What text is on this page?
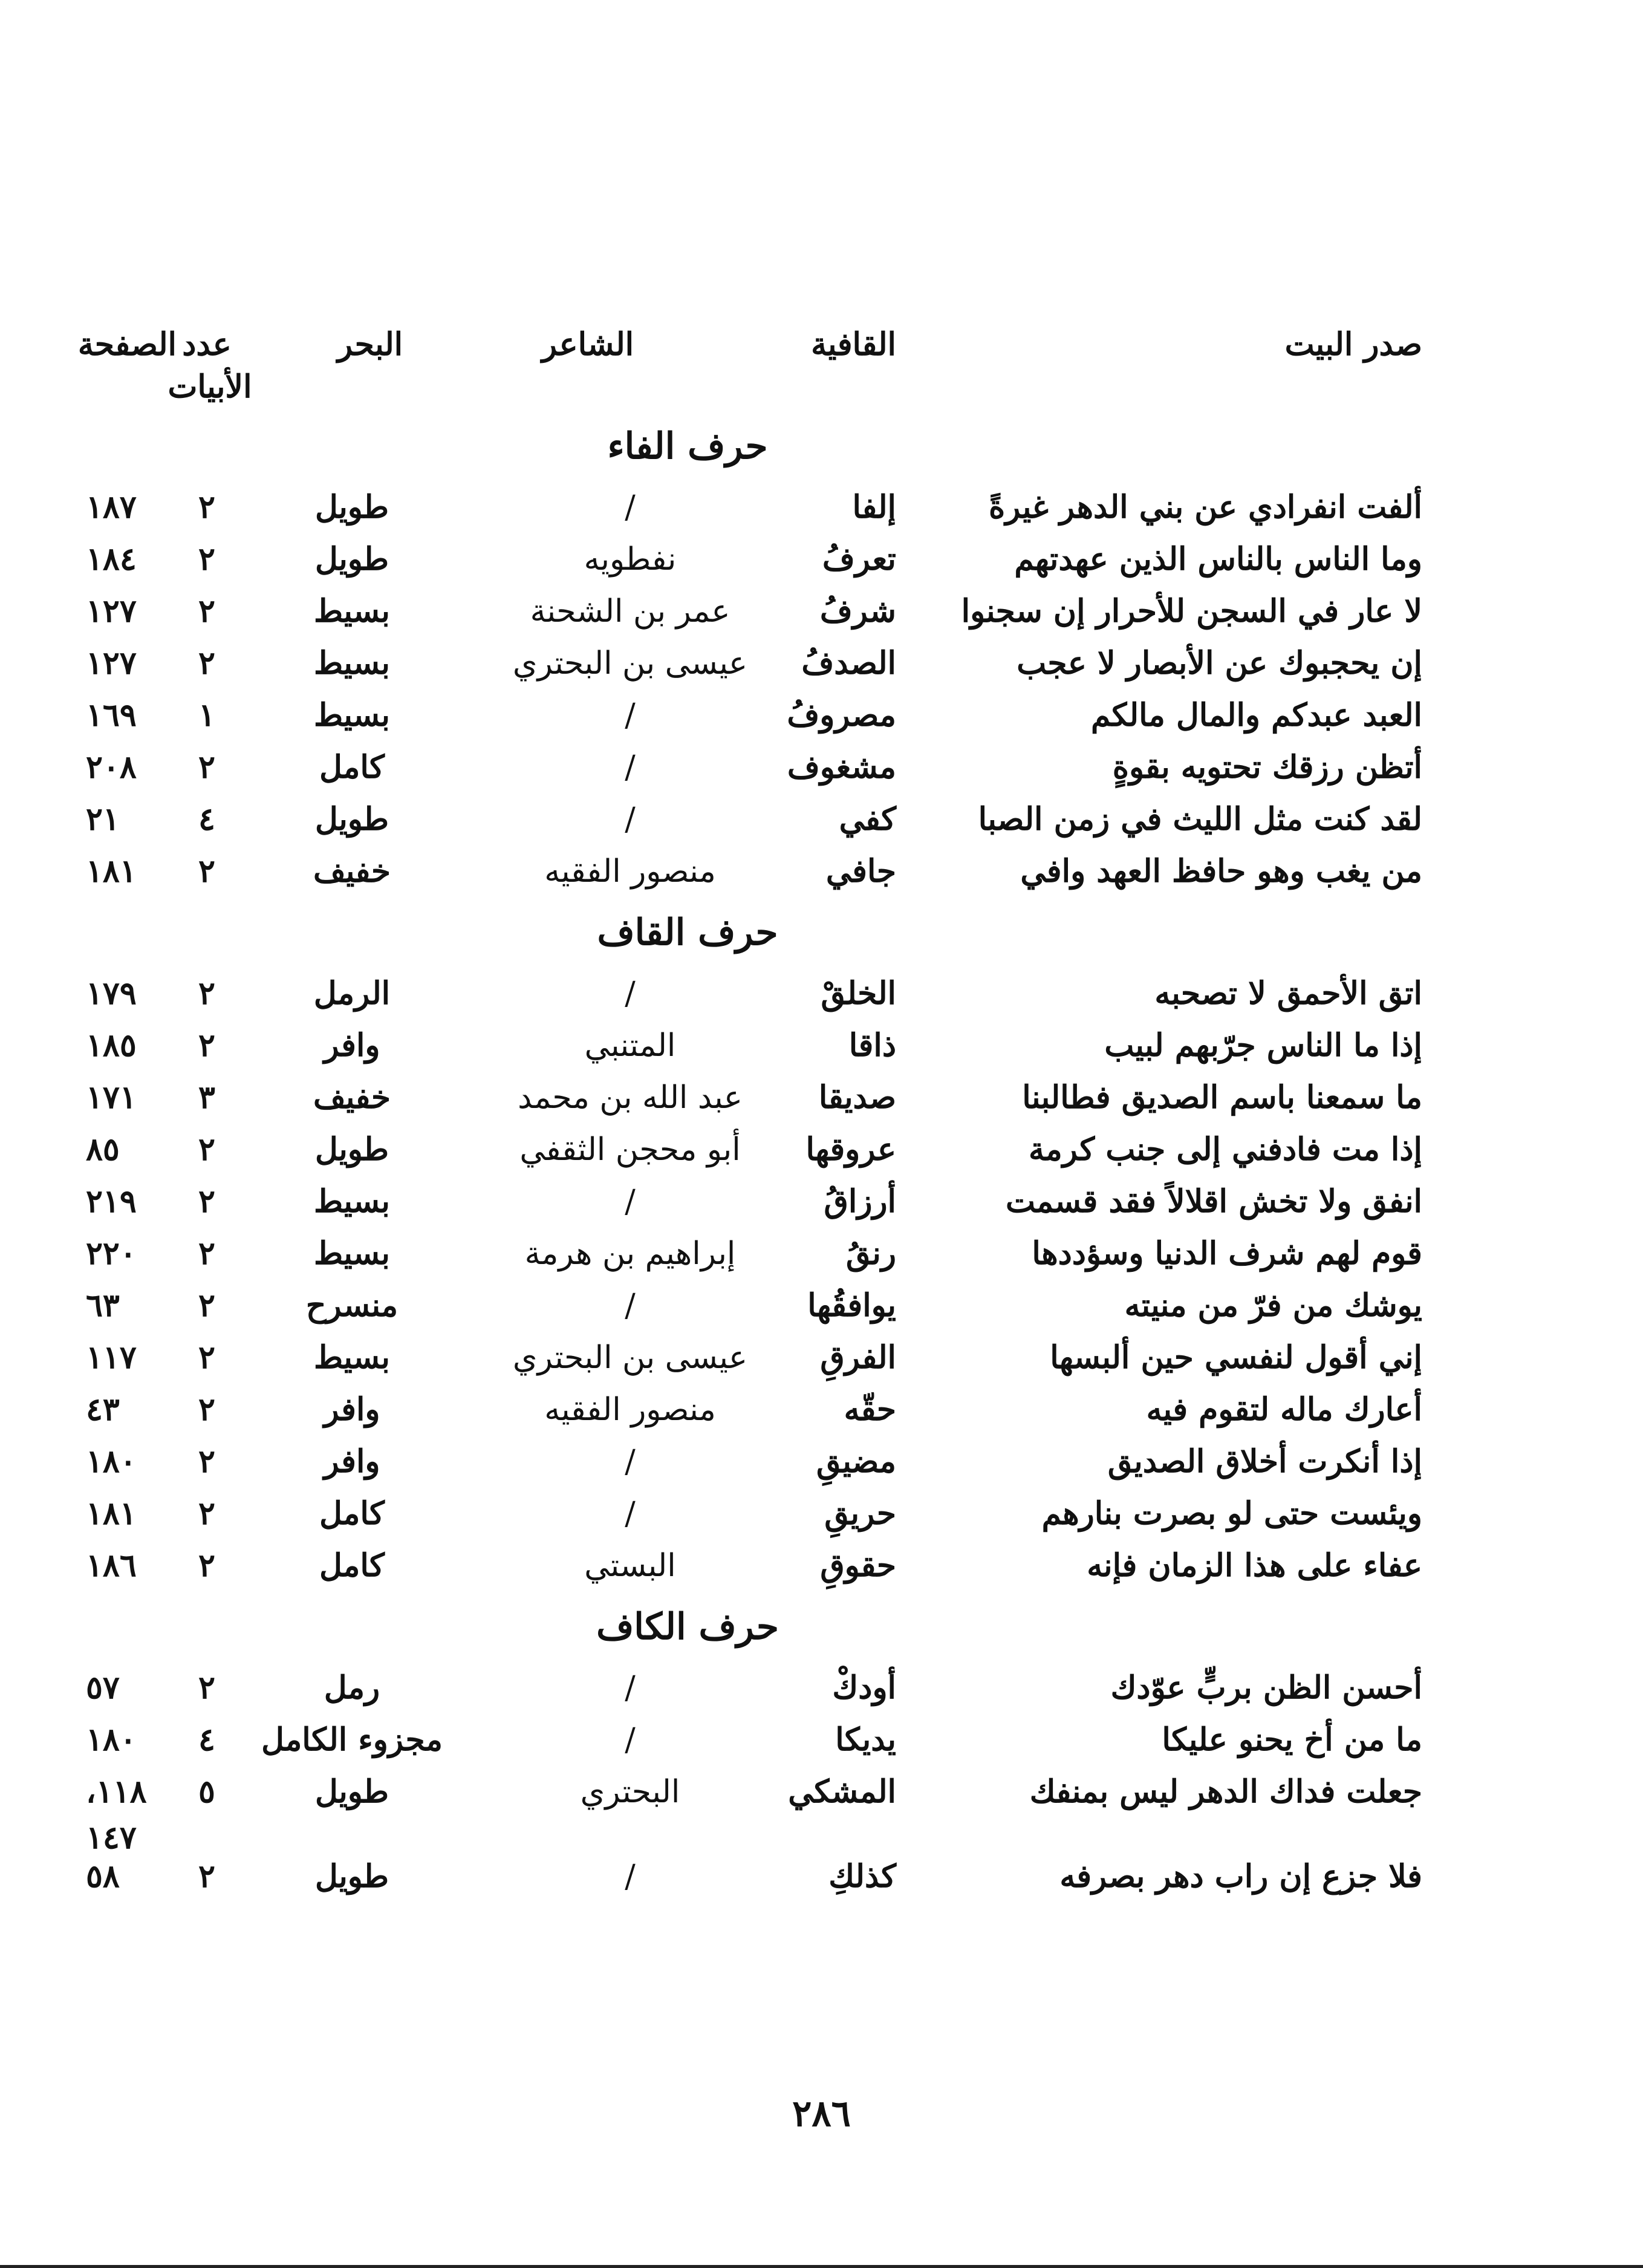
صدر البيت
القافية
الشاعر
البحر
عدد
الأبيات
الصفحة
حرف الفاء
ألفت انفرادي عن بني الدهر غيرةً
إلفا
/
طويل
٢
١٨٧
وما الناس بالناس الذين عهدتهم
تعرفُ
نفطويه
طويل
٢
١٨٤
لا عار في السجن للأحرار إن سجنوا
شرفُ
عمر بن الشحنة
بسيط
٢
١٢٧
إن يحجبوك عن الأبصار لا عجب
الصدفُ
عيسى بن البحتري
بسيط
٢
١٢٧
العبد عبدكم والمال مالكم
مصروفُ
/
بسيط
١
١٦٩
أتظن رزقك تحتويه بقوةٍ
مشغوف
/
كامل
٢
٢٠٨
لقد كنت مثل الليث في زمن الصبا
كفي
/
طويل
٤
٢١
من يغب وهو حافظ العهد وافي
جافي
منصور الفقيه
خفيف
٢
١٨١
حرف القاف
اتق الأحمق لا تصحبه
الخلقْ
/
الرمل
٢
١٧٩
إذا ما الناس جرّبهم لبيب
ذاقا
المتنبي
وافر
٢
١٨٥
ما سمعنا باسم الصديق فطالبنا
صديقا
عبد الله بن محمد
خفيف
٣
١٧١
إذا مت فادفني إلى جنب كرمة
عروقها
أبو محجن الثقفي
طويل
٢
٨٥
انفق ولا تخش اقلالاً فقد قسمت
أرزاقُ
/
بسيط
٢
٢١٩
قوم لهم شرف الدنيا وسؤددها
رنقُ
إبراهيم بن هرمة
بسيط
٢
٢٢٠
يوشك من فرّ من منيته
يوافقُها
/
منسرح
٢
٦٣
إني أقول لنفسي حين ألبسها
الفرقِ
عيسى بن البحتري
بسيط
٢
١١٧
أعارك ماله لتقوم فيه
حقّه
منصور الفقيه
وافر
٢
٤٣
إذا أنكرت أخلاق الصديق
مضيقِ
/
وافر
٢
١٨٠
ويئست حتى لو بصرت بنارهم
حريقِ
/
كامل
٢
١٨١
عفاء على هذا الزمان فإنه
حقوقِ
البستي
كامل
٢
١٨٦
حرف الكاف
أحسن الظن بربٍّ عوّدك
أودكْ
/
رمل
٢
٥٧
ما من أخ يحنو عليكا
يديكا
/
مجزوء الكامل
٤
١٨٠
جعلت فداك الدهر ليس بمنفك
المشكي
البحتري
طويل
٥
١١٨،
١٤٧
فلا جزع إن راب دهر بصرفه
كذلكِ
/
طويل
٢
٥٨
٢٨٦
